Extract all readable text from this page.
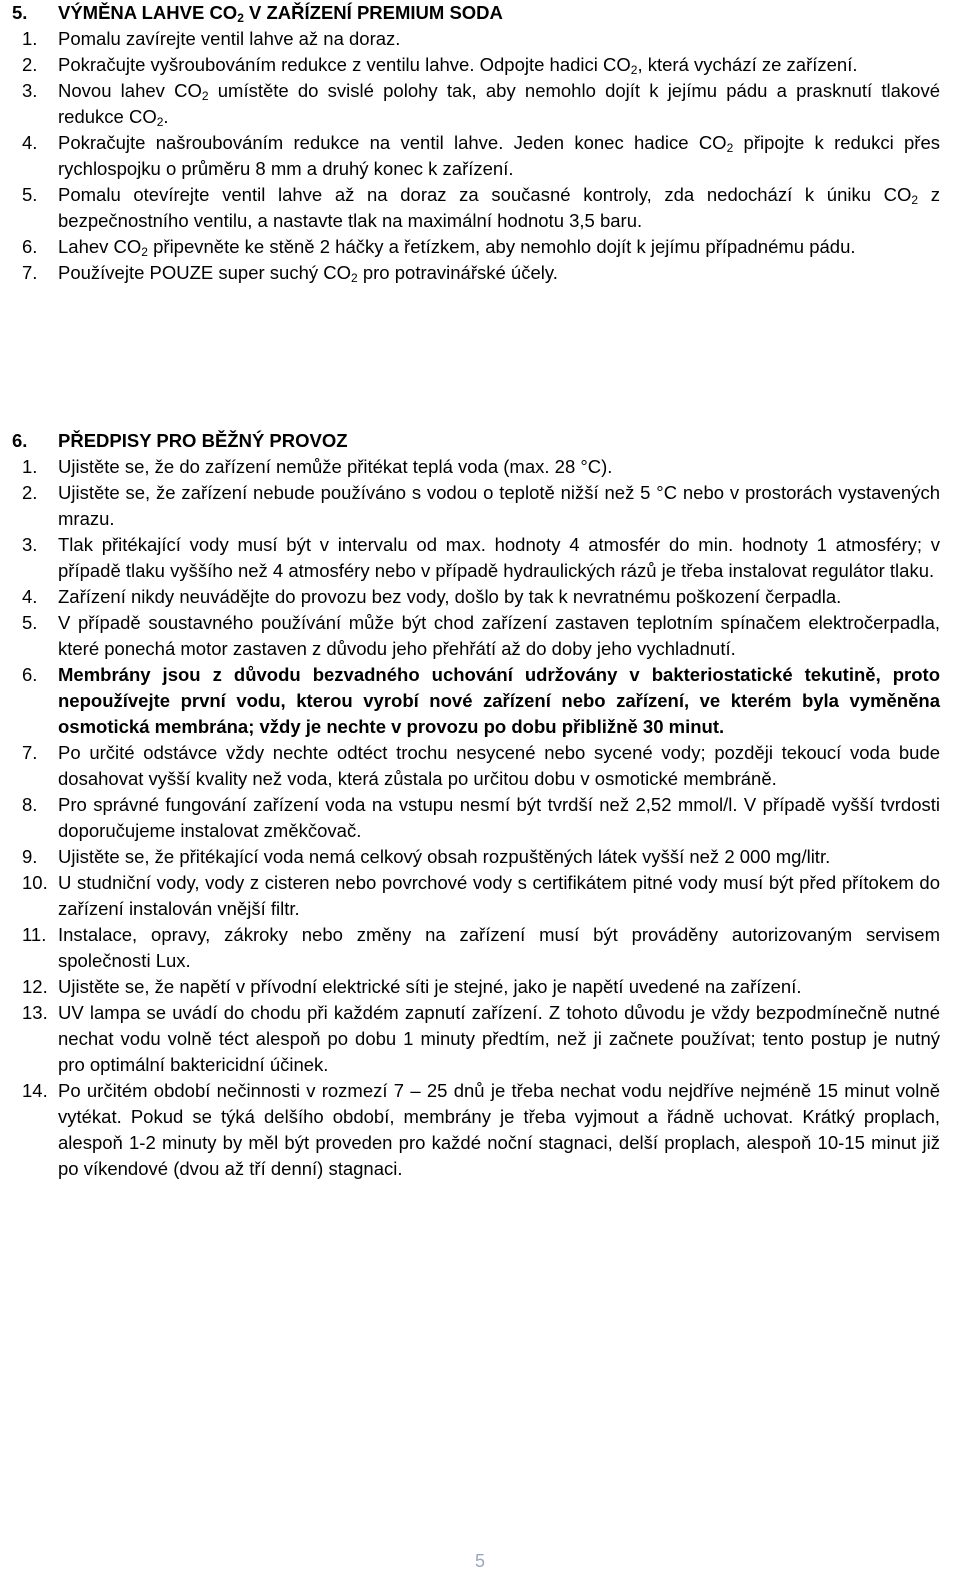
5.	VÝMĚNA LAHVE $CO_2$ V ZAŘÍZENÍ PREMIUM SODA
1.	Pomalu zavírejte ventil lahve až na doraz.
2.	Pokračujte vyšroubováním redukce z ventilu lahve. Odpojte hadici $CO_2$, která vychází ze zařízení.
3.	Novou lahev $CO_2$ umístěte do svislé polohy tak, aby nemohlo dojít k jejímu pádu a prasknutí tlakové redukce $CO_2$.
4.	Pokračujte našroubováním redukce na ventil lahve. Jeden konec hadice $CO_2$ připojte k redukci přes rychlospojku o průměru 8 mm a druhý konec k zařízení.
5.	Pomalu otevírejte ventil lahve až na doraz za současné kontroly, zda nedochází k úniku $CO_2$ z bezpečnostního ventilu, a nastavte tlak na maximální hodnotu 3,5 baru.
6.	Lahev $CO_2$ připevněte ke stěně 2 háčky a řetízkem, aby nemohlo dojít k jejímu případnému pádu.
7.	Používejte POUZE super suchý $CO_2$ pro potravinářské účely.
6.	PŘEDPISY PRO BĚŽNÝ PROVOZ
1.	Ujistěte se, že do zařízení nemůže přitékat teplá voda (max. 28 °C).
2.	Ujistěte se, že zařízení nebude používáno s vodou o teplotě nižší než 5 °C nebo v prostorách vystavených mrazu.
3.	Tlak přitékající vody musí být v intervalu od max. hodnoty 4 atmosfér do min. hodnoty 1 atmosféry; v případě tlaku vyššího než 4 atmosféry nebo v případě hydraulických rázů je třeba instalovat regulátor tlaku.
4.	Zařízení nikdy neuvádějte do provozu bez vody, došlo by tak k nevratnému poškození čerpadla.
5.	V případě soustavného používání může být chod zařízení zastaven teplotním spínačem elektročerpadla, které ponechá motor zastaven z důvodu jeho přehřátí až do doby jeho vychladnutí.
6.	Membrány jsou z důvodu bezvadného uchování udržovány v bakteriostatické tekutině, proto nepoužívejte první vodu, kterou vyrobí nové zařízení nebo zařízení, ve kterém byla vyměněna osmotická membrána; vždy je nechte v provozu po dobu přibližně 30 minut.
7.	Po určité odstávce vždy nechte odtéct trochu nesycené nebo sycené vody; později tekoucí voda bude dosahovat vyšší kvality než voda, která zůstala po určitou dobu v osmotické membráně.
8.	Pro správné fungování zařízení voda na vstupu nesmí být tvrdší než 2,52 mmol/l. V případě vyšší tvrdosti doporučujeme instalovat změkčovač.
9.	Ujistěte se, že přitékající voda nemá celkový obsah rozpuštěných látek vyšší než 2 000 mg/litr.
10. U studniční vody, vody z cisteren nebo povrchové vody s certifikátem pitné vody musí být před přítokem do zařízení instalován vnější filtr.
11. Instalace, opravy, zákroky nebo změny na zařízení musí být prováděny autorizovaným servisem společnosti Lux.
12. Ujistěte se, že napětí v přívodní elektrické síti je stejné, jako je napětí uvedené na zařízení.
13. UV lampa se uvádí do chodu při každém zapnutí zařízení. Z tohoto důvodu je vždy bezpodmínečně nutné nechat vodu volně téct alespoň po dobu 1 minuty předtím, než ji začnete používat; tento postup je nutný pro optimální baktericidní účinek.
14. Po určitém období nečinnosti v rozmezí 7 – 25 dnů je třeba nechat vodu nejdříve nejméně 15 minut volně vytékat. Pokud se týká delšího období, membrány je třeba vyjmout a řádně uchovat. Krátký proplach, alespoň 1-2 minuty by měl být proveden pro každé noční stagnaci, delší proplach, alespoň 10-15 minut již po víkendové (dvou až tří denní) stagnaci.
5
